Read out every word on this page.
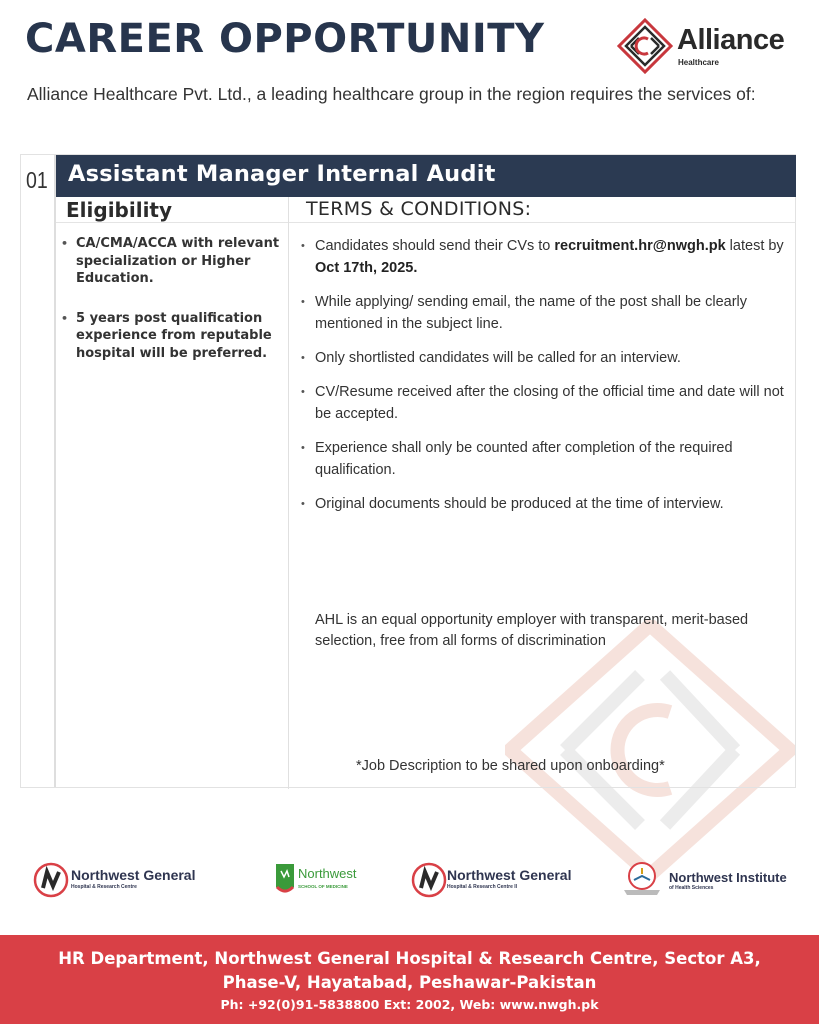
CAREER OPPORTUNITY	Alliance
Healthcare
Alliance Healthcare Pvt. Ltd., a leading healthcare group in the region requires the services of:
01 Assistant Manager Internal Audit
Eligibility	TERMS & CONDITIONS:
• CA/CMA/ACCA with relevant specialization or Higher Education.
• 5 years post qualification experience from reputable hospital will be preferred.
• Candidates should send their CVs to recruitment.hr@nwgh.pk latest by Oct 17th, 2025.
• While applying/ sending email, the name of the post shall be clearly mentioned in the subject line.
• Only shortlisted candidates will be called for an interview.
• CV/Resume received after the closing of the official time and date will not be accepted.
• Experience shall only be counted after completion of the required qualification.
• Original documents should be produced at the time of interview.
AHL is an equal opportunity employer with transparent, merit-based selection, free from all forms of discrimination
*Job Description to be shared upon onboarding*
Northwest General
Hospital & Research Centre
Northwest
SCHOOL OF MEDICINE
Northwest General
Hospital & Research Centre II
Northwest Institute
of Health Sciences
HR Department, Northwest General Hospital & Research Centre, Sector A3,
Phase-V, Hayatabad, Peshawar-Pakistan
Ph: +92(0)91-5838800 Ext: 2002, Web: www.nwgh.pk
